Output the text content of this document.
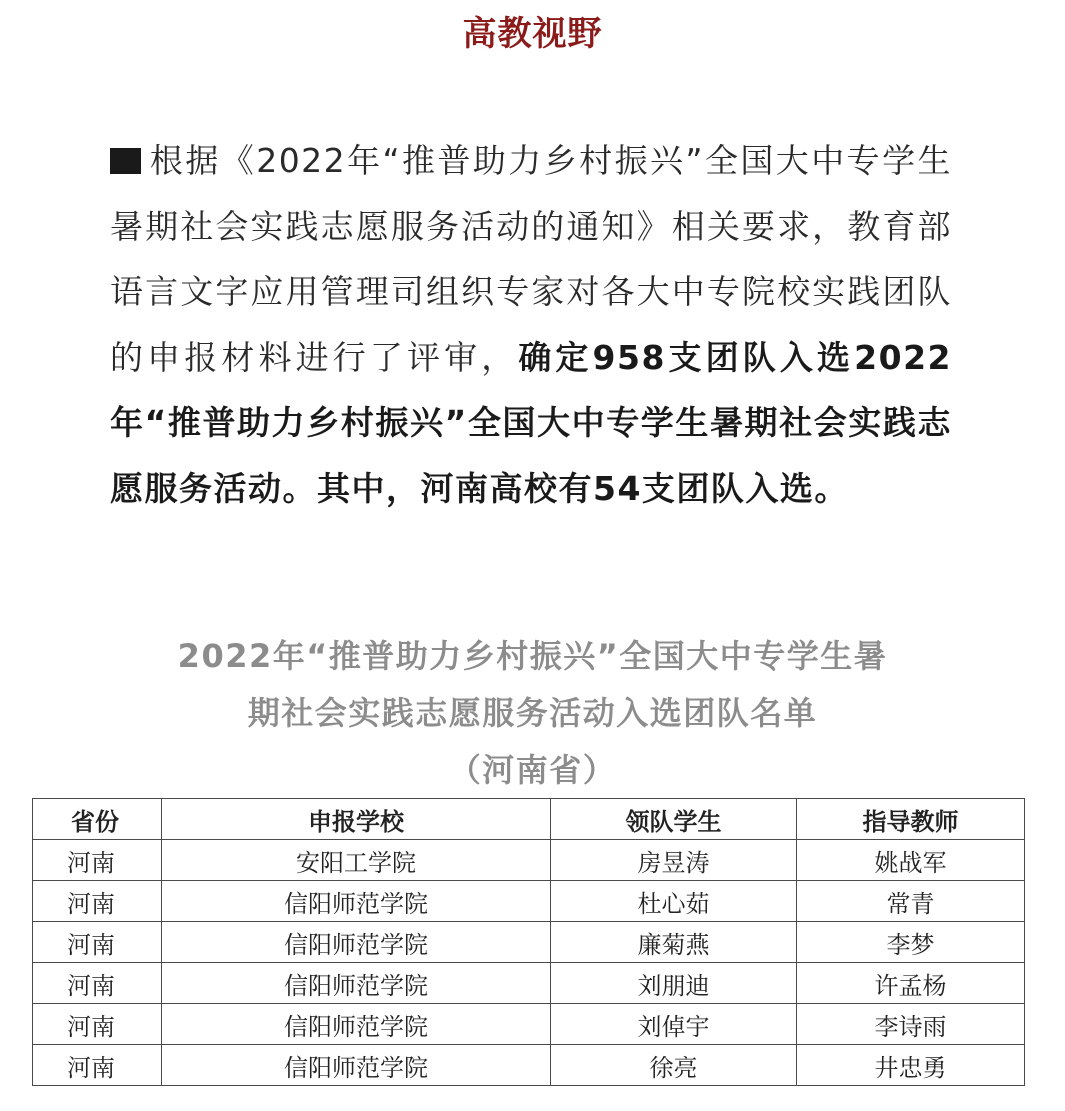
高教视野
根据《2022年“推普助力乡村振兴”全国大中专学生暑期社会实践志愿服务活动的通知》相关要求，教育部语言文字应用管理司组织专家对各大中专院校实践团队的申报材料进行了评审，确定958支团队入选2022年“推普助力乡村振兴”全国大中专学生暑期社会实践志愿服务活动。其中，河南高校有54支团队入选。
2022年“推普助力乡村振兴”全国大中专学生暑
期社会实践志愿服务活动入选团队名单
（河南省）
省份	申报学校	领队学生	指导教师
河南	安阳工学院	房昱涛	姚战军
河南	信阳师范学院	杜心茹	常青
河南	信阳师范学院	廉菊燕	李梦
河南	信阳师范学院	刘朋迪	许孟杨
河南	信阳师范学院	刘倬宇	李诗雨
河南	信阳师范学院	徐亮	井忠勇
